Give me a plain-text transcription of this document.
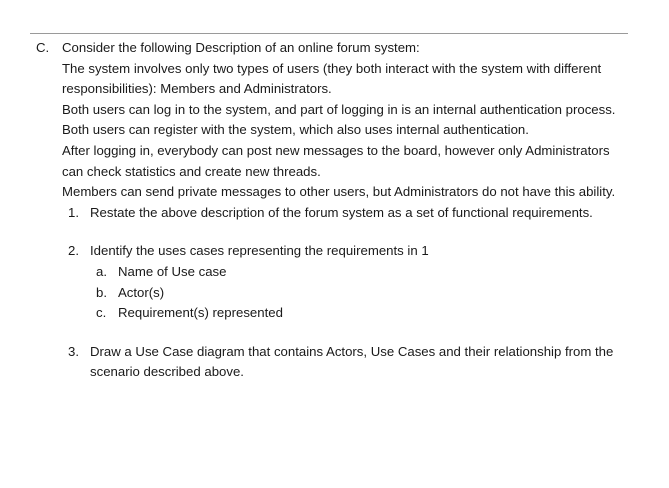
C. Consider the following Description of an online forum system:
The system involves only two types of users (they both interact with the system with different responsibilities): Members and Administrators.
Both users can log in to the system, and part of logging in is an internal authentication process.
Both users can register with the system, which also uses internal authentication.
After logging in, everybody can post new messages to the board, however only Administrators can check statistics and create new threads.
Members can send private messages to other users, but Administrators do not have this ability.
1. Restate the above description of the forum system as a set of functional requirements.
2. Identify the uses cases representing the requirements in 1
a. Name of Use case
b. Actor(s)
c. Requirement(s) represented
3. Draw a Use Case diagram that contains Actors, Use Cases and their relationship from the scenario described above.
